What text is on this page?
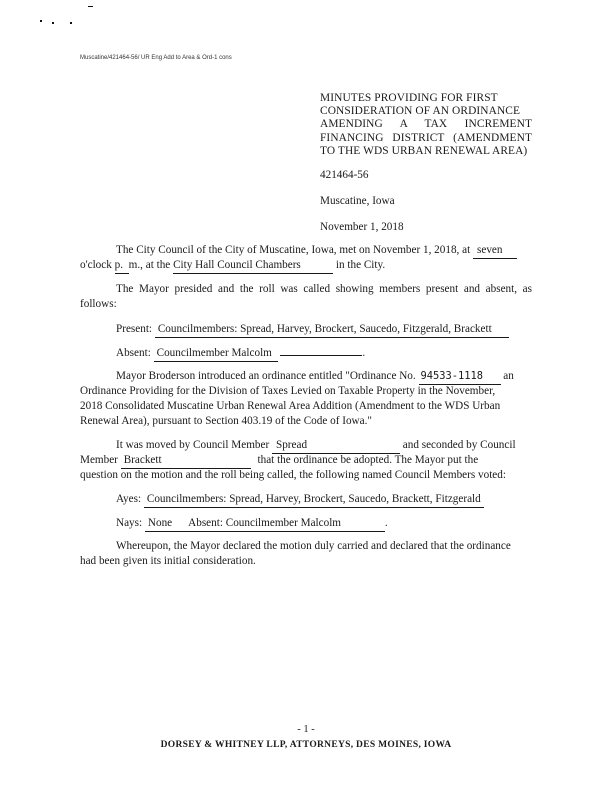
Muscatine/421464-56/ UR Eng Add to Area & Ord-1 cons
MINUTES PROVIDING FOR FIRST
CONSIDERATION OF AN ORDINANCE
AMENDING A TAX INCREMENT
FINANCING DISTRICT (AMENDMENT
TO THE WDS URBAN RENEWAL AREA)
421464-56
Muscatine, Iowa
November 1, 2018
The City Council of the City of Muscatine, Iowa, met on November 1, 2018, at seven
o'clock p. m., at the City Hall Council Chambers	in the City.
The Mayor presided and the roll was called showing members present and absent, as follows:
Present: Councilmembers: Spread, Harvey, Brockert, Saucedo, Fitzgerald, Brackett
Absent: Councilmember Malcolm	.
Mayor Broderson introduced an ordinance entitled "Ordinance No. 94533-1118 an
Ordinance Providing for the Division of Taxes Levied on Taxable Property in the November,
2018 Consolidated Muscatine Urban Renewal Area Addition (Amendment to the WDS Urban
Renewal Area), pursuant to Section 403.19 of the Code of Iowa."
It was moved by Council Member Spread	and seconded by Council
Member Brackett	that the ordinance be adopted. The Mayor put the
question on the motion and the roll being called, the following named Council Members voted:
Ayes: Councilmembers: Spread, Harvey, Brockert, Saucedo, Brackett, Fitzgerald
Nays: None Absent: Councilmember Malcolm	.
Whereupon, the Mayor declared the motion duly carried and declared that the ordinance
had been given its initial consideration.
- 1 -
DORSEY & WHITNEY LLP, ATTORNEYS, DES MOINES, IOWA
